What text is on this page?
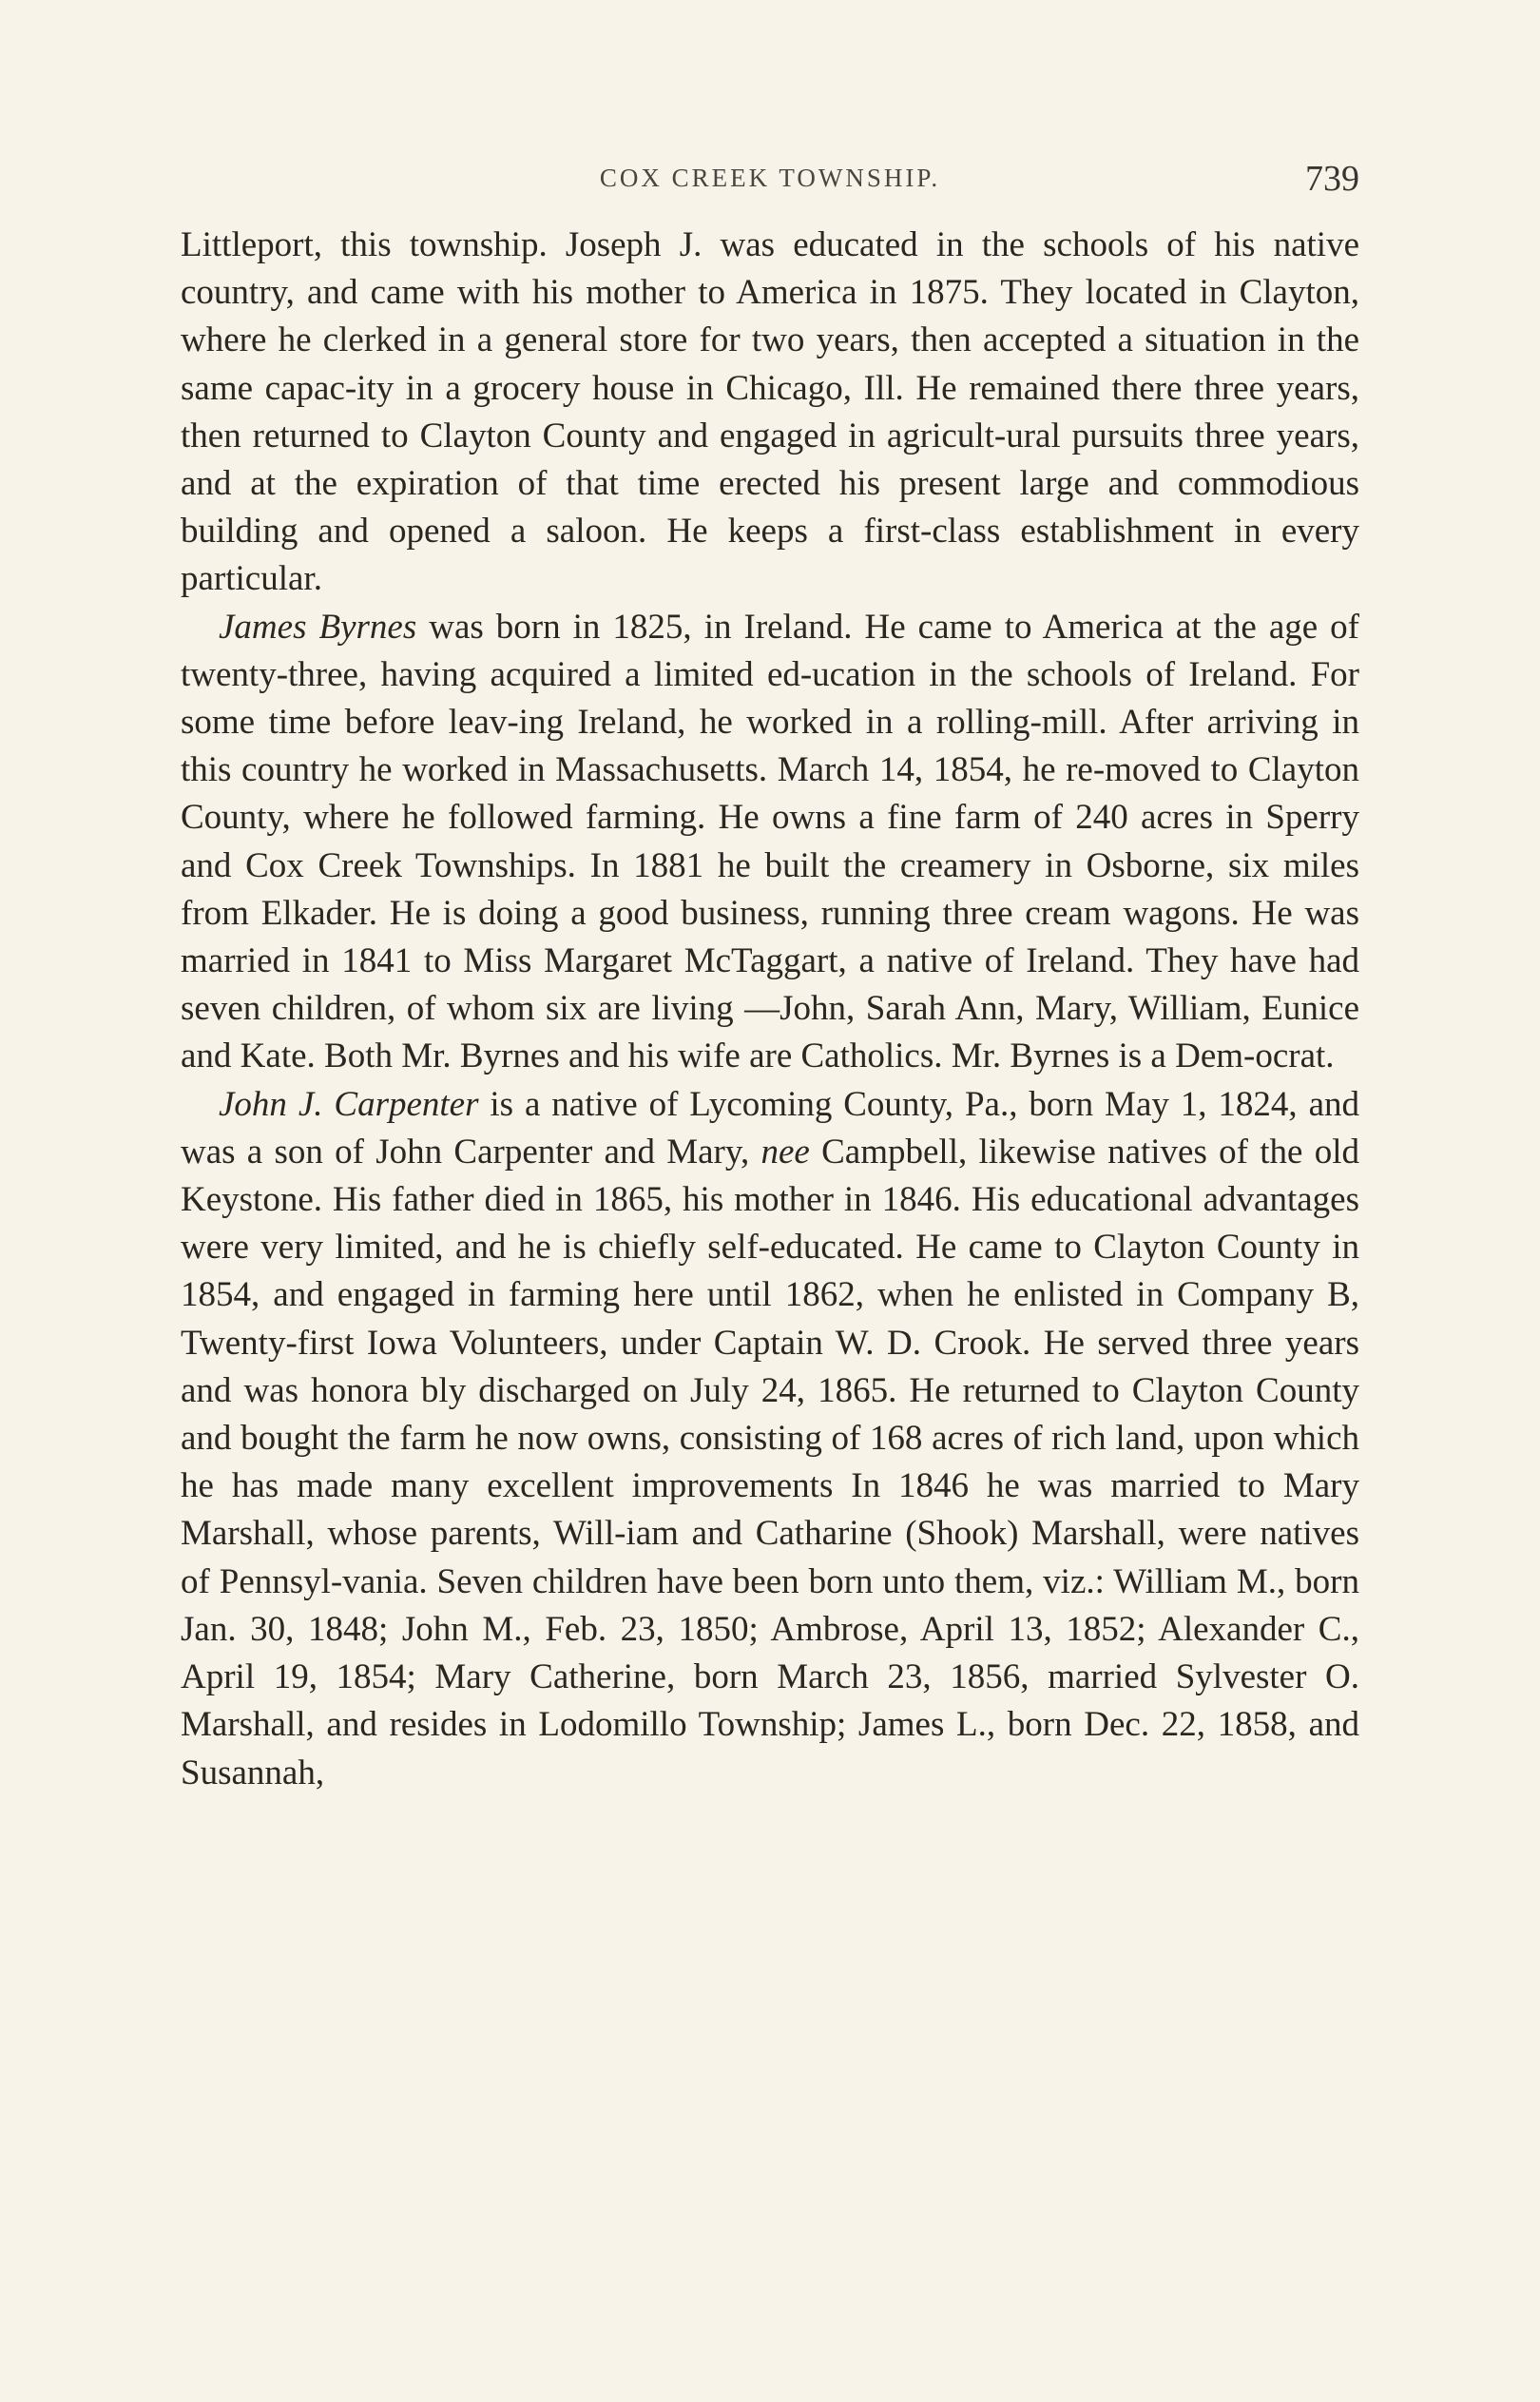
COX CREEK TOWNSHIP.	739

Littleport, this township. Joseph J. was educated in the schools of his native country, and came with his mother to America in 1875. They located in Clayton, where he clerked in a general store for two years, then accepted a situation in the same capac-ity in a grocery house in Chicago, Ill. He remained there three years, then returned to Clayton County and engaged in agricult-ural pursuits three years, and at the expiration of that time erected his present large and commodious building and opened a saloon. He keeps a first-class establishment in every particular.

James Byrnes was born in 1825, in Ireland. He came to America at the age of twenty-three, having acquired a limited ed-ucation in the schools of Ireland. For some time before leav-ing Ireland, he worked in a rolling-mill. After arriving in this country he worked in Massachusetts. March 14, 1854, he re-moved to Clayton County, where he followed farming. He owns a fine farm of 240 acres in Sperry and Cox Creek Townships. In 1881 he built the creamery in Osborne, six miles from Elkader. He is doing a good business, running three cream wagons. He was married in 1841 to Miss Margaret McTaggart, a native of Ireland. They have had seven children, of whom six are living —John, Sarah Ann, Mary, William, Eunice and Kate. Both Mr. Byrnes and his wife are Catholics. Mr. Byrnes is a Dem-ocrat.

John J. Carpenter is a native of Lycoming County, Pa., born May 1, 1824, and was a son of John Carpenter and Mary, nee Campbell, likewise natives of the old Keystone. His father died in 1865, his mother in 1846. His educational advantages were very limited, and he is chiefly self-educated. He came to Clayton County in 1854, and engaged in farming here until 1862, when he enlisted in Company B, Twenty-first Iowa Volunteers, under Captain W. D. Crook. He served three years and was honora bly discharged on July 24, 1865. He returned to Clayton County and bought the farm he now owns, consisting of 168 acres of rich land, upon which he has made many excellent improvements In 1846 he was married to Mary Marshall, whose parents, Will-iam and Catharine (Shook) Marshall, were natives of Pennsyl-vania. Seven children have been born unto them, viz.: William M., born Jan. 30, 1848; John M., Feb. 23, 1850; Ambrose, April 13, 1852; Alexander C., April 19, 1854; Mary Catherine, born March 23, 1856, married Sylvester O. Marshall, and resides in Lodomillo Township; James L., born Dec. 22, 1858, and Susannah,
